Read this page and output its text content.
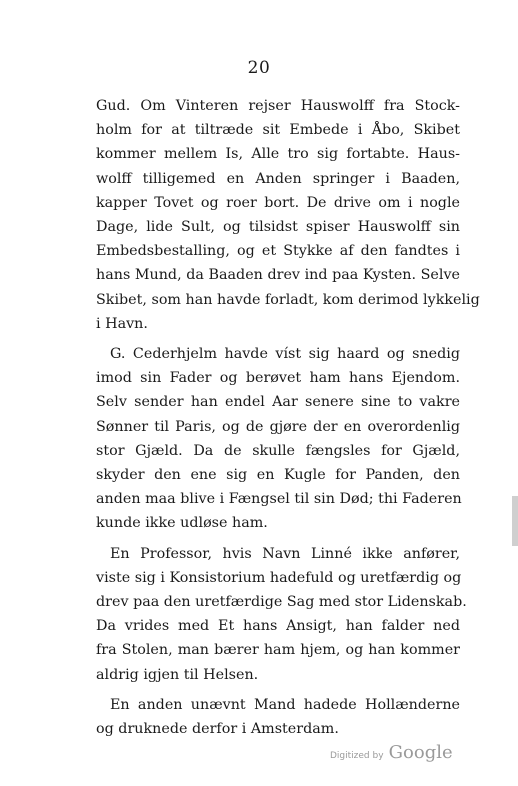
20
Gud. Om Vinteren rejser Hauswolff fra Stock-
holm for at tiltræde sit Embede i Åbo, Skibet
kommer mellem Is, Alle tro sig fortabte. Haus-
wolff tilligemed en Anden springer i Baaden,
kapper Tovet og roer bort. De drive om i nogle
Dage, lide Sult, og tilsidst spiser Hauswolff sin
Embedsbestalling, og et Stykke af den fandtes i
hans Mund, da Baaden drev ind paa Kysten. Selve
Skibet, som han havde forladt, kom derimod lykkelig
i Havn.
G. Cederhjelm havde víst sig haard og snedig
imod sin Fader og berøvet ham hans Ejendom.
Selv sender han endel Aar senere sine to vakre
Sønner til Paris, og de gjøre der en overordenlig
stor Gjæld. Da de skulle fængsles for Gjæld,
skyder den ene sig en Kugle for Panden, den
anden maa blive i Fængsel til sin Død; thi Faderen
kunde ikke udløse ham.
En Professor, hvis Navn Linné ikke anfører,
viste sig i Konsistorium hadefuld og uretfærdig og
drev paa den uretfærdige Sag med stor Lidenskab.
Da vrides med Et hans Ansigt, han falder ned
fra Stolen, man bærer ham hjem, og han kommer
aldrig igjen til Helsen.
En anden unævnt Mand hadede Hollænderne
og druknede derfor i Amsterdam.
Digitized by Google
